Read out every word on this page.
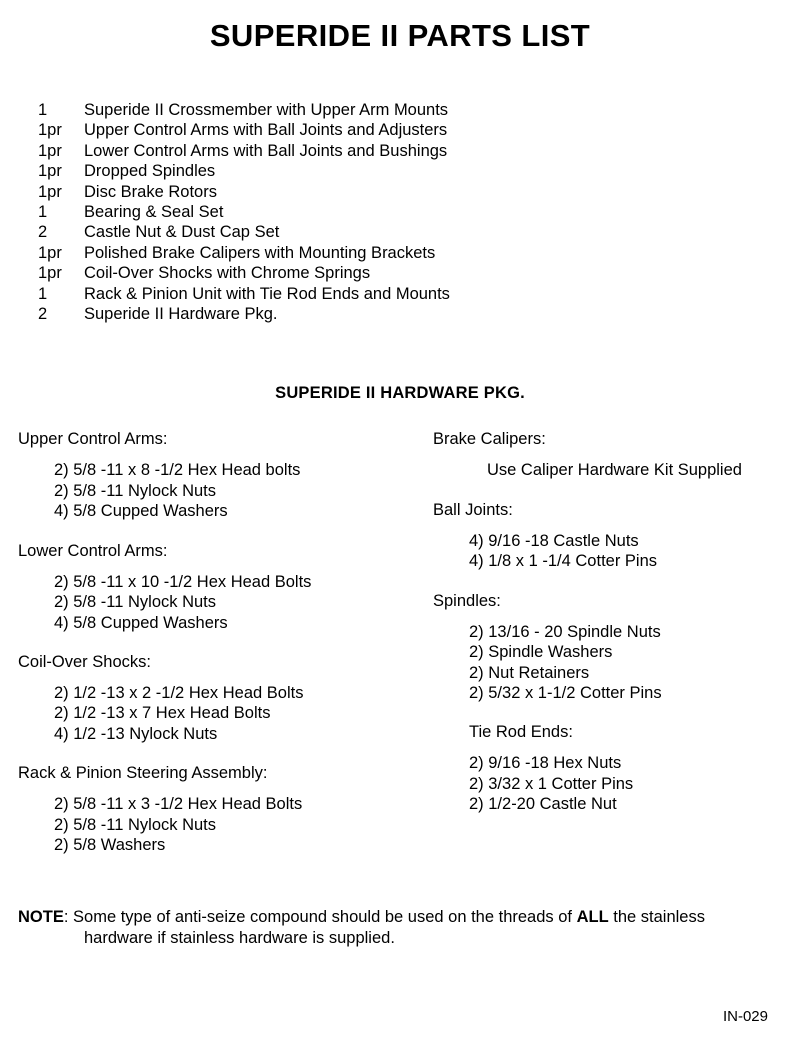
SUPERIDE II PARTS LIST
1	Superide II Crossmember with Upper Arm Mounts
1pr	Upper Control Arms with Ball Joints and Adjusters
1pr	Lower Control Arms with Ball Joints and Bushings
1pr	Dropped Spindles
1pr	Disc Brake Rotors
1	Bearing & Seal Set
2	Castle Nut & Dust Cap Set
1pr	Polished Brake Calipers with Mounting Brackets
1pr	Coil-Over Shocks with Chrome Springs
1	Rack & Pinion Unit with Tie Rod Ends and Mounts
2	Superide II Hardware Pkg.
SUPERIDE II HARDWARE PKG.
Upper Control Arms:
2) 5/8 -11 x 8 -1/2 Hex Head bolts
2) 5/8 -11 Nylock Nuts
4) 5/8 Cupped Washers
Lower Control Arms:
2) 5/8 -11 x 10 -1/2 Hex Head Bolts
2) 5/8 -11 Nylock Nuts
4) 5/8 Cupped Washers
Coil-Over Shocks:
2) 1/2 -13 x 2 -1/2 Hex Head Bolts
2) 1/2 -13 x 7 Hex Head Bolts
4) 1/2 -13 Nylock Nuts
Rack & Pinion Steering Assembly:
2) 5/8 -11 x 3 -1/2 Hex Head Bolts
2) 5/8 -11 Nylock Nuts
2) 5/8 Washers
Brake Calipers:
Use Caliper Hardware Kit Supplied
Ball Joints:
4) 9/16 -18 Castle Nuts
4) 1/8 x 1 -1/4 Cotter Pins
Spindles:
2) 13/16 - 20 Spindle Nuts
2) Spindle Washers
2) Nut Retainers
2) 5/32 x 1-1/2 Cotter Pins
Tie Rod Ends:
2) 9/16 -18 Hex Nuts
2) 3/32 x 1 Cotter Pins
2) 1/2-20 Castle Nut
NOTE: Some type of anti-seize compound should be used on the threads of ALL the stainless
hardware if stainless hardware is supplied.
IN-029
